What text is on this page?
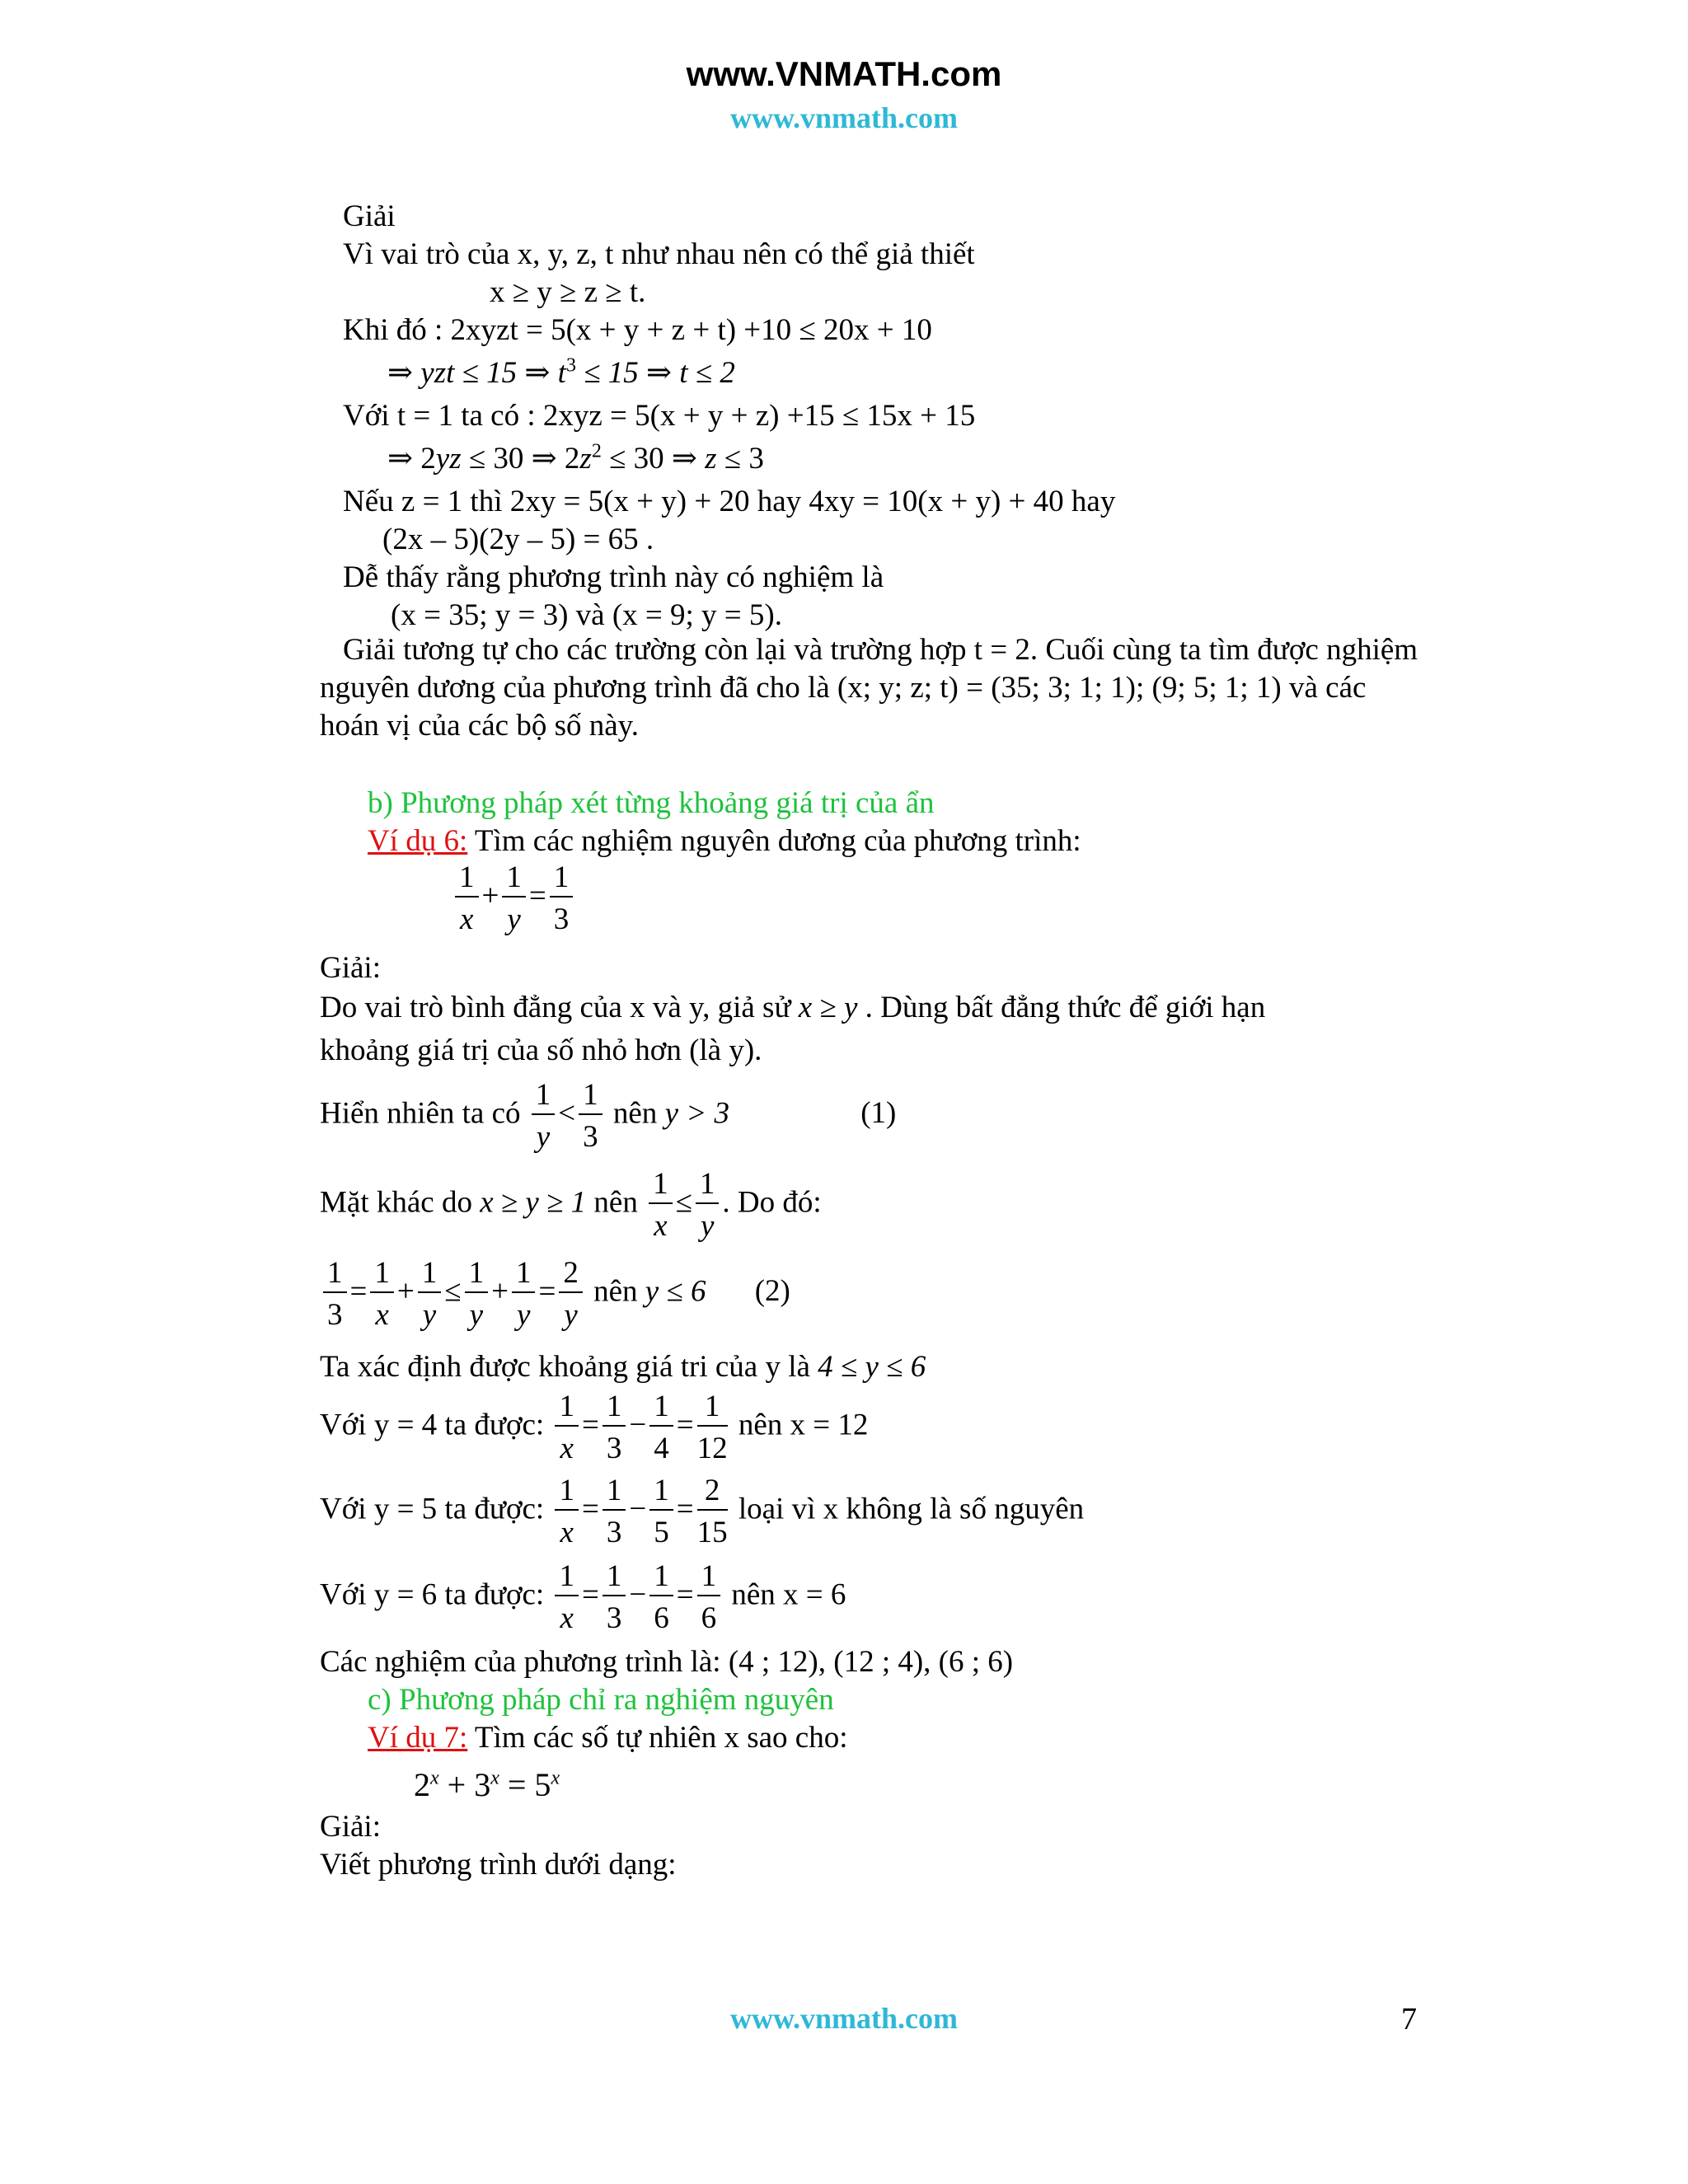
www.VNMATH.com
www.vnmath.com
Giải
Vì vai trò của x, y, z, t như nhau nên có thể giả thiết
x ≥ y ≥ z ≥ t.
Khi đó : 2xyzt = 5(x + y + z + t) +10 ≤ 20x + 10
⇒ yzt ≤ 15 ⇒ $t^3 \le 15$ ⇒ t ≤ 2
Với t = 1 ta có : 2xyz = 5(x + y + z) +15 ≤ 15x + 15
⇒ 2yz ≤ 30 ⇒ $2z^2 \le 30$ ⇒ z ≤ 3
Nếu z = 1 thì 2xy = 5(x + y) + 20 hay 4xy = 10(x + y) + 40 hay
(2x – 5)(2y – 5) = 65 .
Dễ thấy rằng phương trình này có nghiệm là
(x = 35; y = 3) và (x = 9; y = 5).
Giải tương tự cho các trường còn lại và trường hợp t = 2. Cuối cùng ta tìm được nghiệm nguyên dương của phương trình đã cho là (x; y; z; t) = (35; 3; 1; 1); (9; 5; 1; 1) và các hoán vị của các bộ số này.
b) Phương pháp xét từng khoảng giá trị của ẩn
Ví dụ 6: Tìm các nghiệm nguyên dương của phương trình:
$\frac{1}{x} + \frac{1}{y} = \frac{1}{3}$
Giải:
Do vai trò bình đẳng của x và y, giả sử x ≥ y . Dùng bất đẳng thức để giới hạn
khoảng giá trị của số nhỏ hơn (là y).
Hiển nhiên ta có $\frac{1}{y} < \frac{1}{3}$ nên y > 3	(1)
Mặt khác do x ≥ y ≥ 1 nên $\frac{1}{x} \le \frac{1}{y}$ . Do đó:
$\frac{1}{3} = \frac{1}{x} + \frac{1}{y} \le \frac{1}{y} + \frac{1}{y} = \frac{2}{y}$ nên y ≤ 6 (2)
Ta xác định được khoảng giá tri của y là 4 ≤ y ≤ 6
Với y = 4 ta được: $\frac{1}{x} = \frac{1}{3} - \frac{1}{4} = \frac{1}{12}$ nên x = 12
Với y = 5 ta được: $\frac{1}{x} = \frac{1}{3} - \frac{1}{5} = \frac{2}{15}$ loại vì x không là số nguyên
Với y = 6 ta được: $\frac{1}{x} = \frac{1}{3} - \frac{1}{6} = \frac{1}{6}$ nên x = 6
Các nghiệm của phương trình là: (4 ; 12), (12 ; 4), (6 ; 6)
c) Phương pháp chỉ ra nghiệm nguyên
Ví dụ 7: Tìm các số tự nhiên x sao cho:
$2^x + 3^x = 5^x$
Giải:
Viết phương trình dưới dạng:
www.vnmath.com	7
